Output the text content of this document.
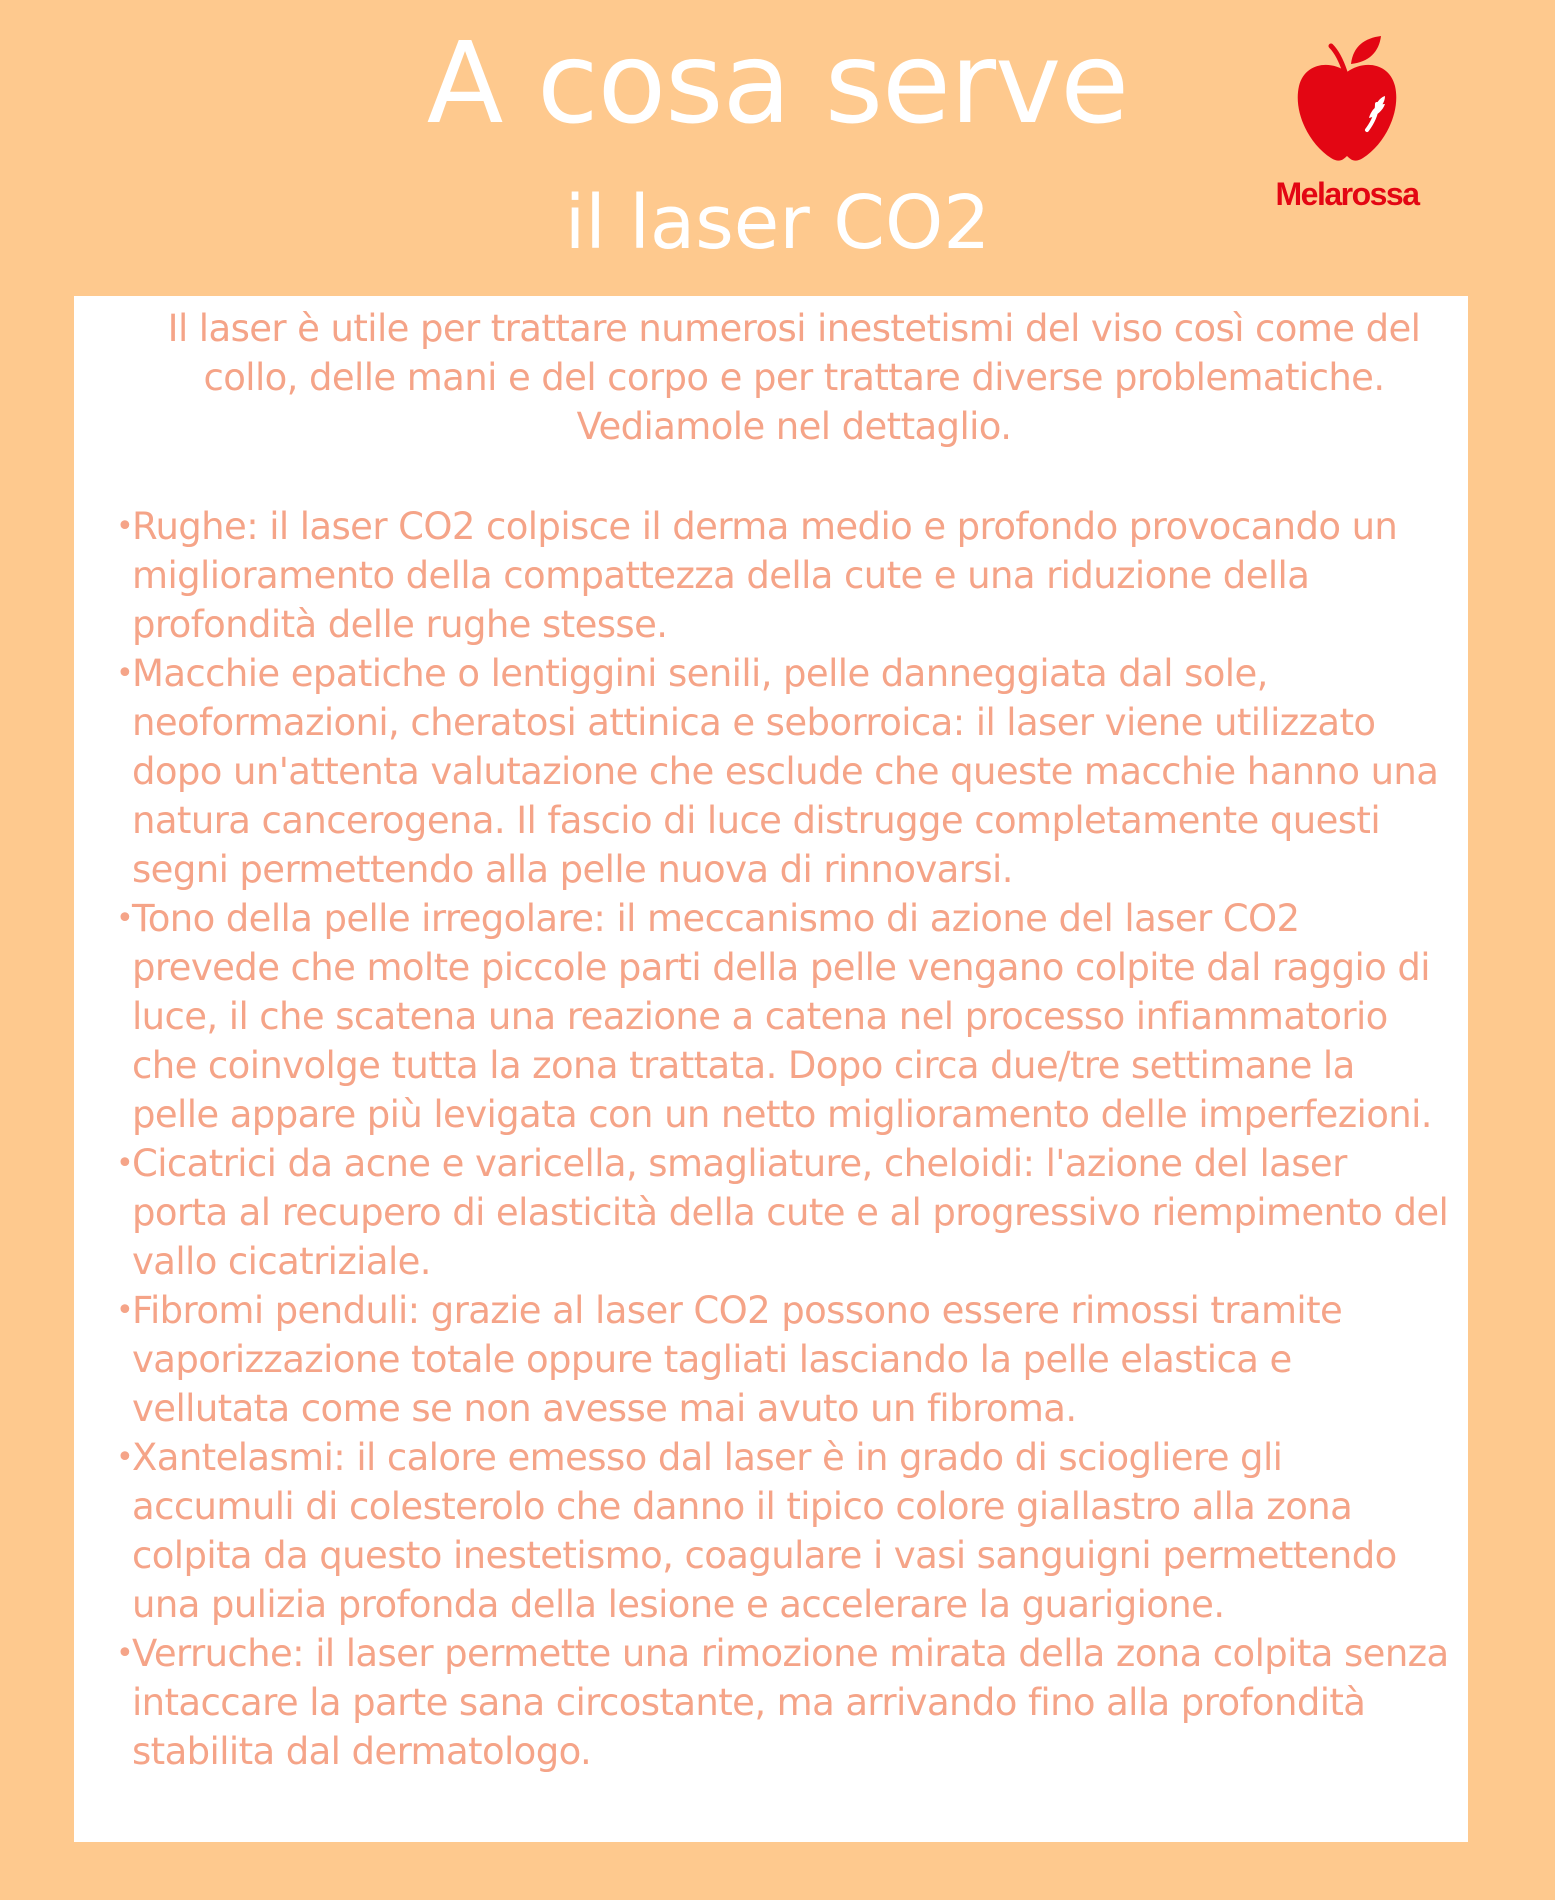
A cosa serve
il laser CO2	Melarossa

Il laser è utile per trattare numerosi inestetismi del viso così come del collo, delle mani e del corpo e per trattare diverse problematiche. Vediamole nel dettaglio.

•
Rughe: il laser CO2 colpisce il derma medio e profondo provocando un miglioramento della compattezza della cute e una riduzione della profondità delle rughe stesse.
•
Macchie epatiche o lentiggini senili, pelle danneggiata dal sole, neoformazioni, cheratosi attinica e seborroica: il laser viene utilizzato dopo un'attenta valutazione che esclude che queste macchie hanno una natura cancerogena. Il fascio di luce distrugge completamente questi segni permettendo alla pelle nuova di rinnovarsi.
•
Tono della pelle irregolare: il meccanismo di azione del laser CO2 prevede che molte piccole parti della pelle vengano colpite dal raggio di luce, il che scatena una reazione a catena nel processo infiammatorio che coinvolge tutta la zona trattata. Dopo circa due/tre settimane la pelle appare più levigata con un netto miglioramento delle imperfezioni.
•
Cicatrici da acne e varicella, smagliature, cheloidi: l'azione del laser porta al recupero di elasticità della cute e al progressivo riempimento del vallo cicatriziale.
•
Fibromi penduli: grazie al laser CO2 possono essere rimossi tramite vaporizzazione totale oppure tagliati lasciando la pelle elastica e vellutata come se non avesse mai avuto un fibroma.
•
Xantelasmi: il calore emesso dal laser è in grado di sciogliere gli accumuli di colesterolo che danno il tipico colore giallastro alla zona colpita da questo inestetismo, coagulare i vasi sanguigni permettendo una pulizia profonda della lesione e accelerare la guarigione.
•
Verruche: il laser permette una rimozione mirata della zona colpita senza intaccare la parte sana circostante, ma arrivando fino alla profondità stabilita dal dermatologo.
